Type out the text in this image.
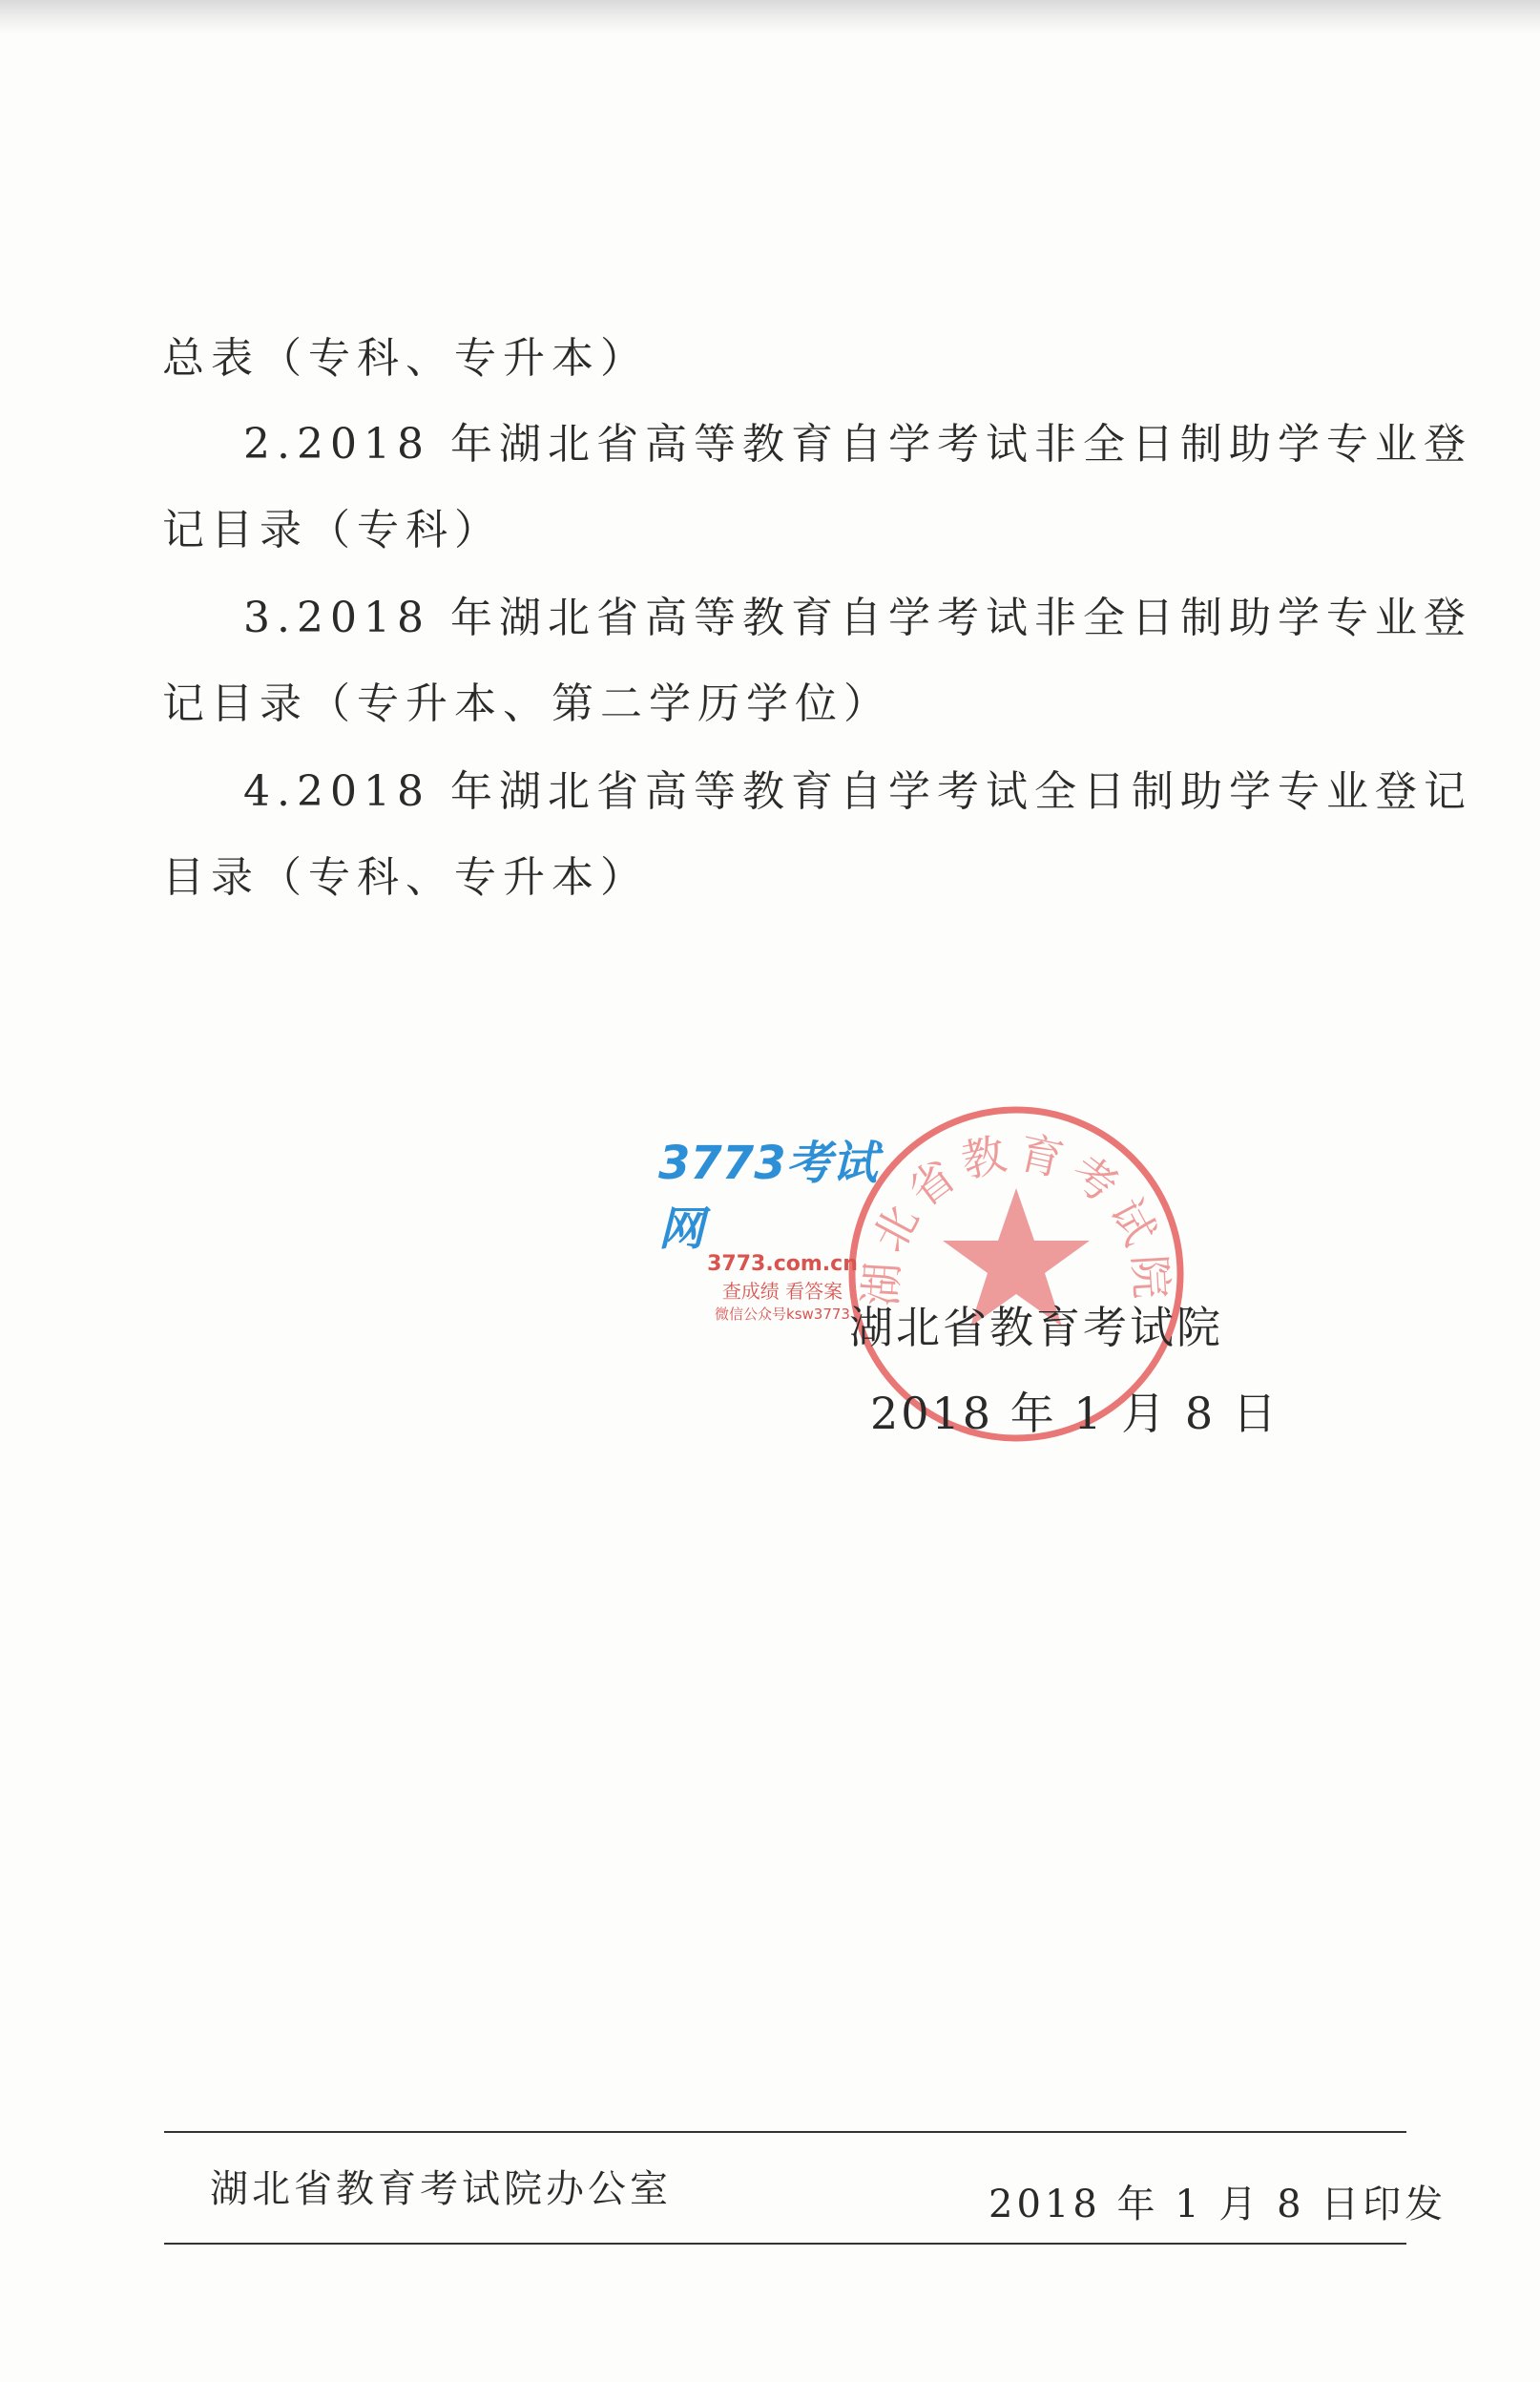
总表（专科、专升本）
2.2018 年湖北省高等教育自学考试非全日制助学专业登
记目录（专科）
3.2018 年湖北省高等教育自学考试非全日制助学专业登
记目录（专升本、第二学历学位）
4.2018 年湖北省高等教育自学考试全日制助学专业登记
目录（专科、专升本）
湖北省教育考试院
3773考试网
3773.com.cn
查成绩 看答案
微信公众号ksw3773 湖北省教育考试院
2018 年 1 月 8 日
湖北省教育考试院办公室	2018 年 1 月 8 日印发
